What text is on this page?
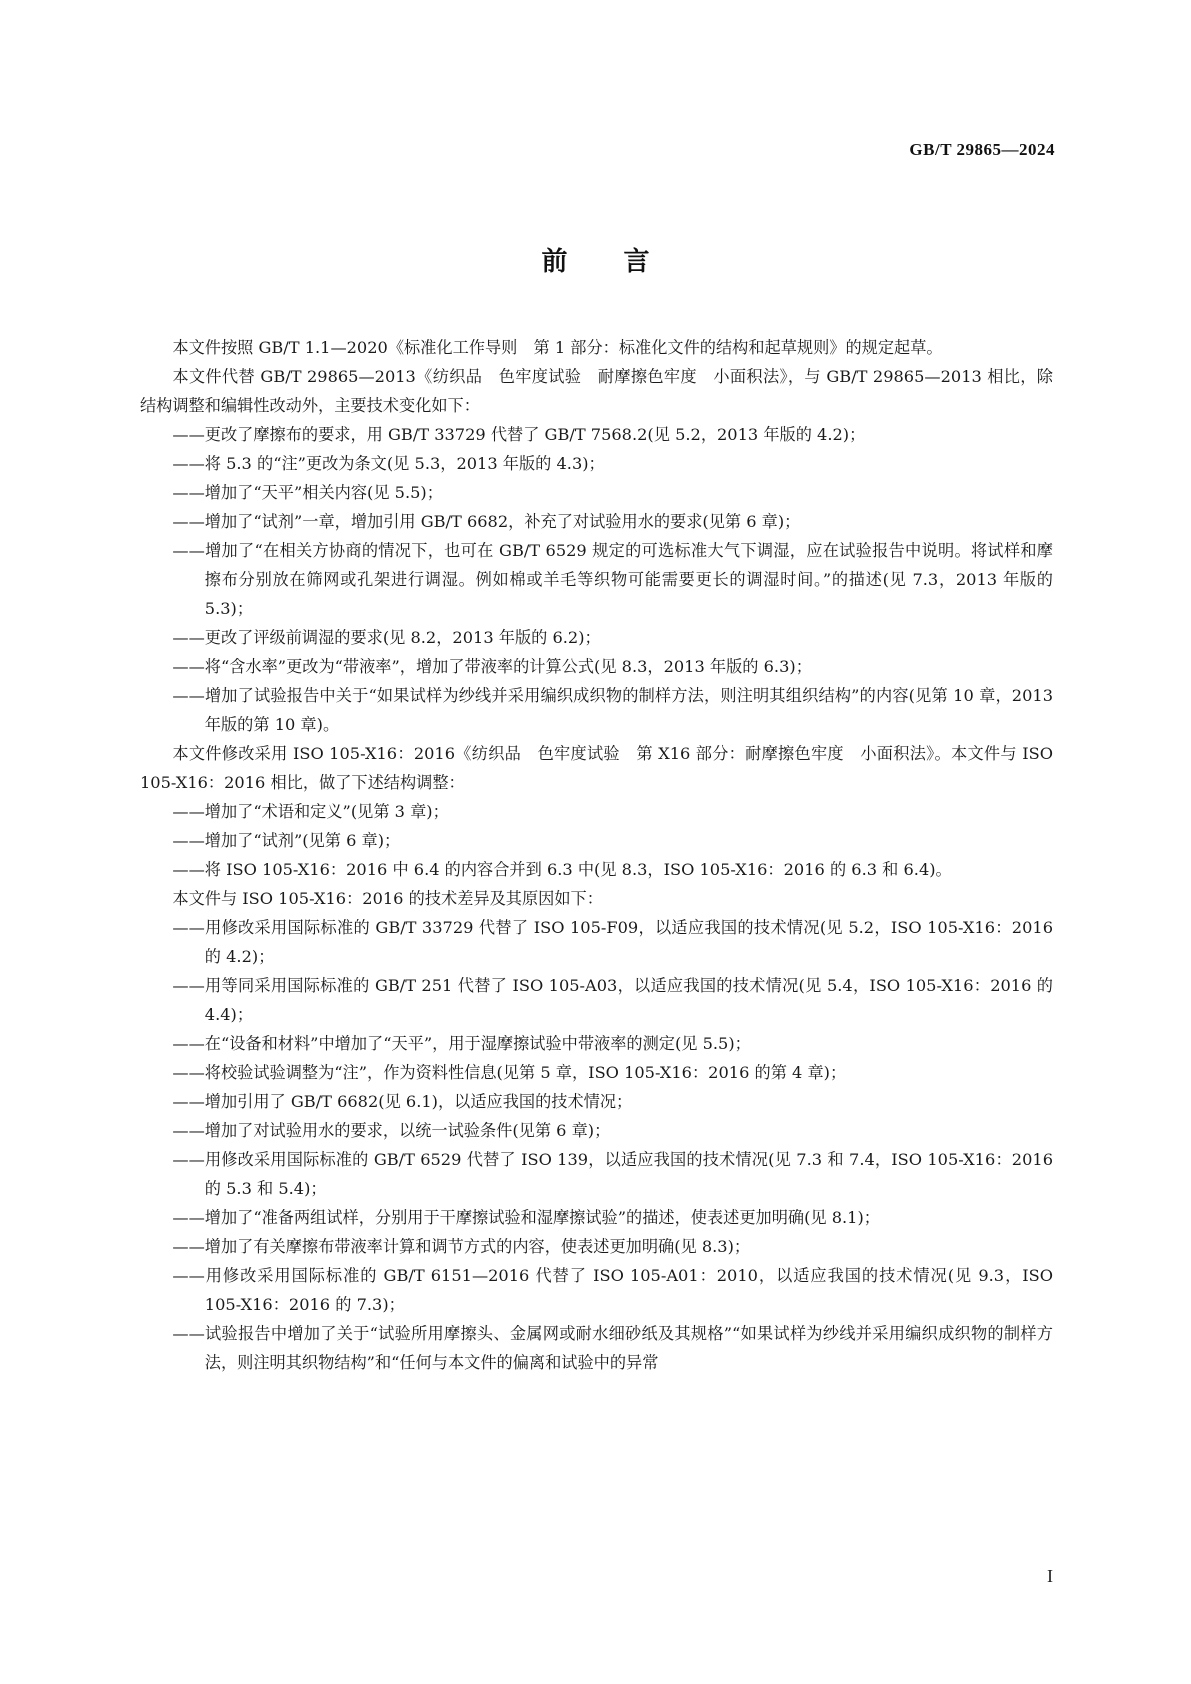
GB/T 29865—2024
前言

本文件按照 GB/T 1.1—2020《标准化工作导则　第 1 部分：标准化文件的结构和起草规则》的规定起草。

本文件代替 GB/T 29865—2013《纺织品　色牢度试验　耐摩擦色牢度　小面积法》，与 GB/T 29865—2013 相比，除结构调整和编辑性改动外，主要技术变化如下：

——更改了摩擦布的要求，用 GB/T 33729 代替了 GB/T 7568.2(见 5.2，2013 年版的 4.2)；

——将 5.3 的“注”更改为条文(见 5.3，2013 年版的 4.3)；

——增加了“天平”相关内容(见 5.5)；

——增加了“试剂”一章，增加引用 GB/T 6682，补充了对试验用水的要求(见第 6 章)；

——增加了“在相关方协商的情况下，也可在 GB/T 6529 规定的可选标准大气下调湿，应在试验报告中说明。将试样和摩擦布分别放在筛网或孔架进行调湿。例如棉或羊毛等织物可能需要更长的调湿时间。”的描述(见 7.3，2013 年版的 5.3)；

——更改了评级前调湿的要求(见 8.2，2013 年版的 6.2)；

——将“含水率”更改为“带液率”，增加了带液率的计算公式(见 8.3，2013 年版的 6.3)；

——增加了试验报告中关于“如果试样为纱线并采用编织成织物的制样方法，则注明其组织结构”的内容(见第 10 章，2013 年版的第 10 章)。

本文件修改采用 ISO 105-X16：2016《纺织品　色牢度试验　第 X16 部分：耐摩擦色牢度　小面积法》。本文件与 ISO 105-X16：2016 相比，做了下述结构调整：

——增加了“术语和定义”(见第 3 章)；

——增加了“试剂”(见第 6 章)；

——将 ISO 105-X16：2016 中 6.4 的内容合并到 6.3 中(见 8.3，ISO 105-X16：2016 的 6.3 和 6.4)。

本文件与 ISO 105-X16：2016 的技术差异及其原因如下：

——用修改采用国际标准的 GB/T 33729 代替了 ISO 105-F09，以适应我国的技术情况(见 5.2，ISO 105-X16：2016 的 4.2)；

——用等同采用国际标准的 GB/T 251 代替了 ISO 105-A03，以适应我国的技术情况(见 5.4，ISO 105-X16：2016 的 4.4)；

——在“设备和材料”中增加了“天平”，用于湿摩擦试验中带液率的测定(见 5.5)；

——将校验试验调整为“注”，作为资料性信息(见第 5 章，ISO 105-X16：2016 的第 4 章)；

——增加引用了 GB/T 6682(见 6.1)，以适应我国的技术情况；

——增加了对试验用水的要求，以统一试验条件(见第 6 章)；

——用修改采用国际标准的 GB/T 6529 代替了 ISO 139，以适应我国的技术情况(见 7.3 和 7.4，ISO 105-X16：2016 的 5.3 和 5.4)；

——增加了“准备两组试样，分别用于干摩擦试验和湿摩擦试验”的描述，使表述更加明确(见 8.1)；

——增加了有关摩擦布带液率计算和调节方式的内容，使表述更加明确(见 8.3)；

——用修改采用国际标准的 GB/T 6151—2016 代替了 ISO 105-A01：2010，以适应我国的技术情况(见 9.3，ISO 105-X16：2016 的 7.3)；

——试验报告中增加了关于“试验所用摩擦头、金属网或耐水细砂纸及其规格”“如果试样为纱线并采用编织成织物的制样方法，则注明其织物结构”和“任何与本文件的偏离和试验中的异常

I
